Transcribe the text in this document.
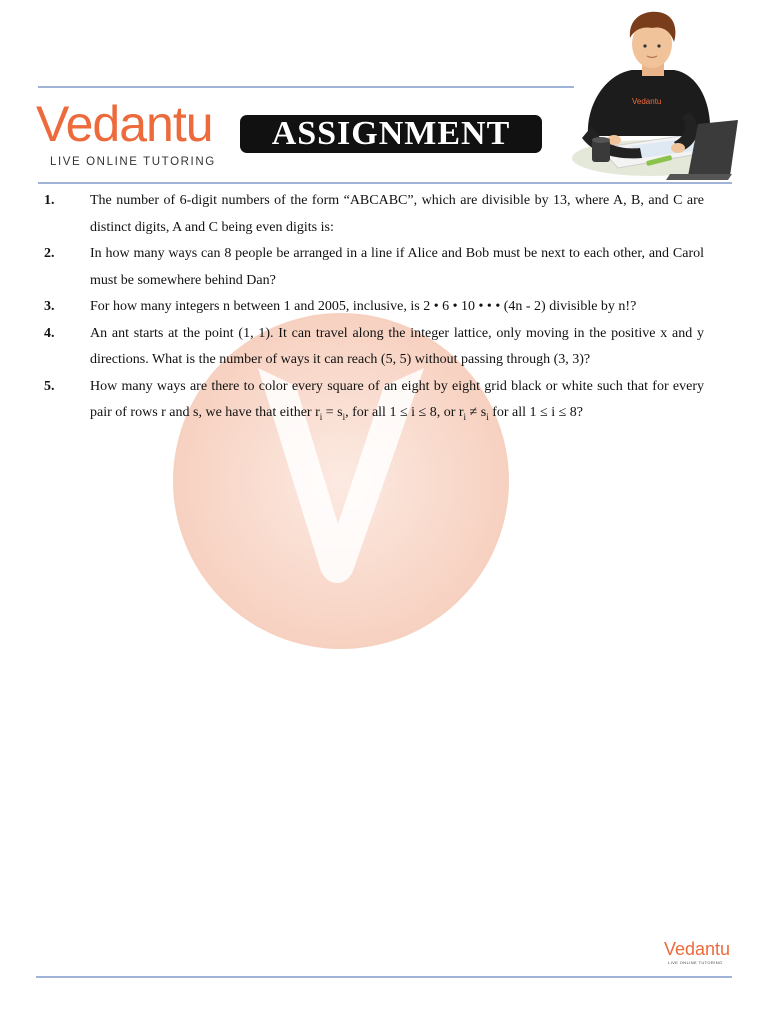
Vedantu
LIVE ONLINE TUTORING
ASSIGNMENT
Vedantu
1.	The number of 6-digit numbers of the form “ABCABC”, which are divisible by 13, where A, B, and C are distinct digits, A and C being even digits is:
2.	In how many ways can 8 people be arranged in a line if Alice and Bob must be next to each other, and Carol must be somewhere behind Dan?
3.	For how many integers n between 1 and 2005, inclusive, is 2 • 6 • 10 • • • (4n - 2) divisible by n!?
4.	An ant starts at the point (1, 1). It can travel along the integer lattice, only moving in the positive x and y directions. What is the number of ways it can reach (5, 5) without passing through (3, 3)?
5.	How many ways are there to color every square of an eight by eight grid black or white such that for every pair of rows r and s, we have that either $r_i = s_i$, for all 1 ≤ i ≤ 8, or $r_i \ne s_i$ for all 1 ≤ i ≤ 8?
Vedantu
LIVE ONLINE TUTORING
